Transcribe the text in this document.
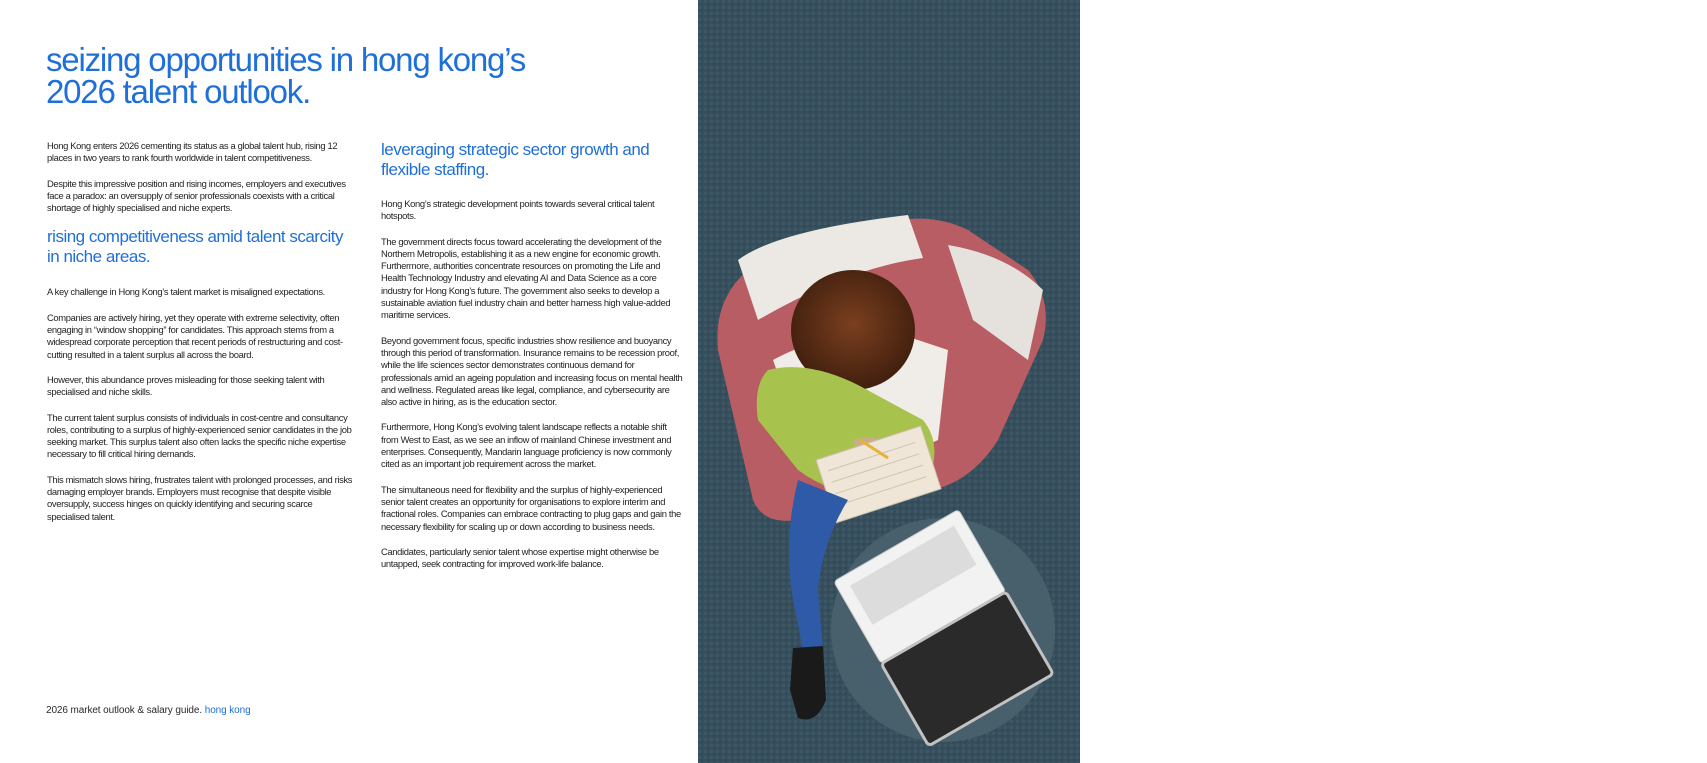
seizing opportunities in hong kong’s
2026 talent outlook.

Hong Kong enters 2026 cementing its status as a global talent hub, rising 12 places in two years to rank fourth worldwide in talent competitiveness.

Despite this impressive position and rising incomes, employers and executives face a paradox: an oversupply of senior professionals coexists with a critical shortage of highly specialised and niche experts.

rising competitiveness amid talent scarcity in niche areas.

A key challenge in Hong Kong’s talent market is misaligned expectations.

Companies are actively hiring, yet they operate with extreme selectivity, often engaging in “window shopping” for candidates. This approach stems from a widespread corporate perception that recent periods of restructuring and cost-cutting resulted in a talent surplus all across the board.

However, this abundance proves misleading for those seeking talent with specialised and niche skills.

The current talent surplus consists of individuals in cost-centre and consultancy roles, contributing to a surplus of highly-experienced senior candidates in the job seeking market. This surplus talent also often lacks the specific niche expertise necessary to fill critical hiring demands.

This mismatch slows hiring, frustrates talent with prolonged processes, and risks damaging employer brands. Employers must recognise that despite visible oversupply, success hinges on quickly identifying and securing scarce specialised talent.

leveraging strategic sector growth and flexible staffing.

Hong Kong’s strategic development points towards several critical talent hotspots.

The government directs focus toward accelerating the development of the Northern Metropolis, establishing it as a new engine for economic growth. Furthermore, authorities concentrate resources on promoting the Life and Health Technology Industry and elevating AI and Data Science as a core industry for Hong Kong’s future. The government also seeks to develop a sustainable aviation fuel industry chain and better harness high value-added maritime services.

Beyond government focus, specific industries show resilience and buoyancy through this period of transformation. Insurance remains to be recession proof, while the life sciences sector demonstrates continuous demand for professionals amid an ageing population and increasing focus on mental health and wellness. Regulated areas like legal, compliance, and cybersecurity are also active in hiring, as is the education sector.

Furthermore, Hong Kong’s evolving talent landscape reflects a notable shift from West to East, as we see an inflow of mainland Chinese investment and enterprises. Consequently, Mandarin language proficiency is now commonly cited as an important job requirement across the market.

The simultaneous need for flexibility and the surplus of highly-experienced senior talent creates an opportunity for organisations to explore interim and fractional roles. Companies can embrace contracting to plug gaps and gain the necessary flexibility for scaling up or down according to business needs.

Candidates, particularly senior talent whose expertise might otherwise be untapped, seek contracting for improved work-life balance.

2026 market outlook & salary guide. hong kong	| 2
